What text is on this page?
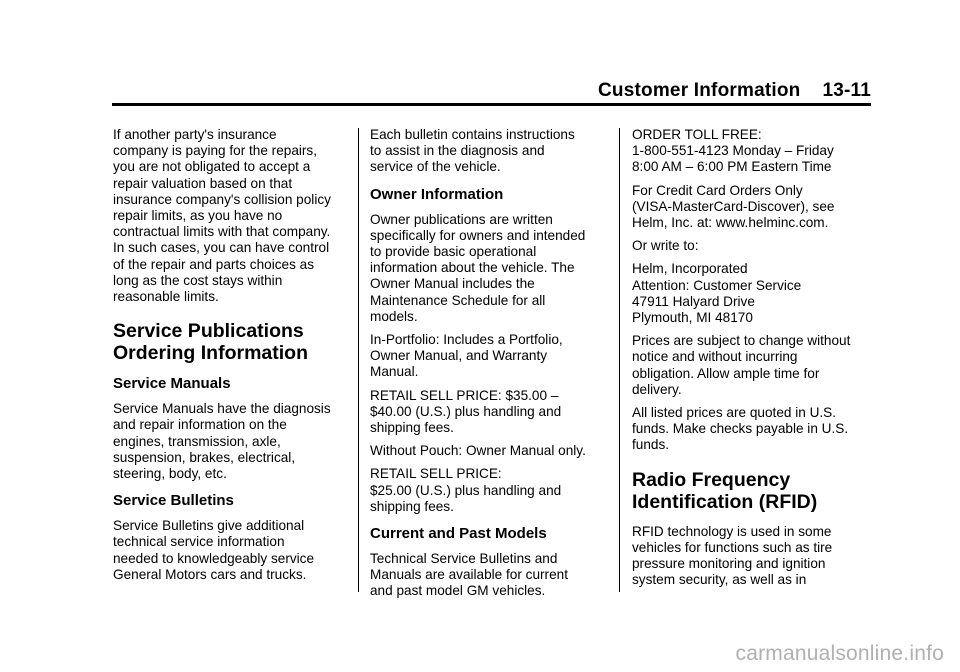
Customer Information 13-11

If another party's insurance
company is paying for the repairs,
you are not obligated to accept a
repair valuation based on that
insurance company's collision policy
repair limits, as you have no
contractual limits with that company.
In such cases, you can have control
of the repair and parts choices as
long as the cost stays within
reasonable limits.

Service Publications
Ordering Information
Service Manuals

Service Manuals have the diagnosis
and repair information on the
engines, transmission, axle,
suspension, brakes, electrical,
steering, body, etc.

Service Bulletins

Service Bulletins give additional
technical service information
needed to knowledgeably service
General Motors cars and trucks.

Each bulletin contains instructions
to assist in the diagnosis and
service of the vehicle.

Owner Information

Owner publications are written
specifically for owners and intended
to provide basic operational
information about the vehicle. The
Owner Manual includes the
Maintenance Schedule for all
models.

In-Portfolio: Includes a Portfolio,
Owner Manual, and Warranty
Manual.

RETAIL SELL PRICE: $35.00 –
$40.00 (U.S.) plus handling and
shipping fees.

Without Pouch: Owner Manual only.

RETAIL SELL PRICE:
$25.00 (U.S.) plus handling and
shipping fees.

Current and Past Models

Technical Service Bulletins and
Manuals are available for current
and past model GM vehicles.

ORDER TOLL FREE:
1-800-551-4123 Monday – Friday
8:00 AM – 6:00 PM Eastern Time

For Credit Card Orders Only
(VISA-MasterCard-Discover), see
Helm, Inc. at: www.helminc.com.

Or write to:

Helm, Incorporated
Attention: Customer Service
47911 Halyard Drive
Plymouth, MI 48170

Prices are subject to change without
notice and without incurring
obligation. Allow ample time for
delivery.

All listed prices are quoted in U.S.
funds. Make checks payable in U.S.
funds.

Radio Frequency
Identification (RFID)

RFID technology is used in some
vehicles for functions such as tire
pressure monitoring and ignition
system security, as well as in

carmanualsonline.info
